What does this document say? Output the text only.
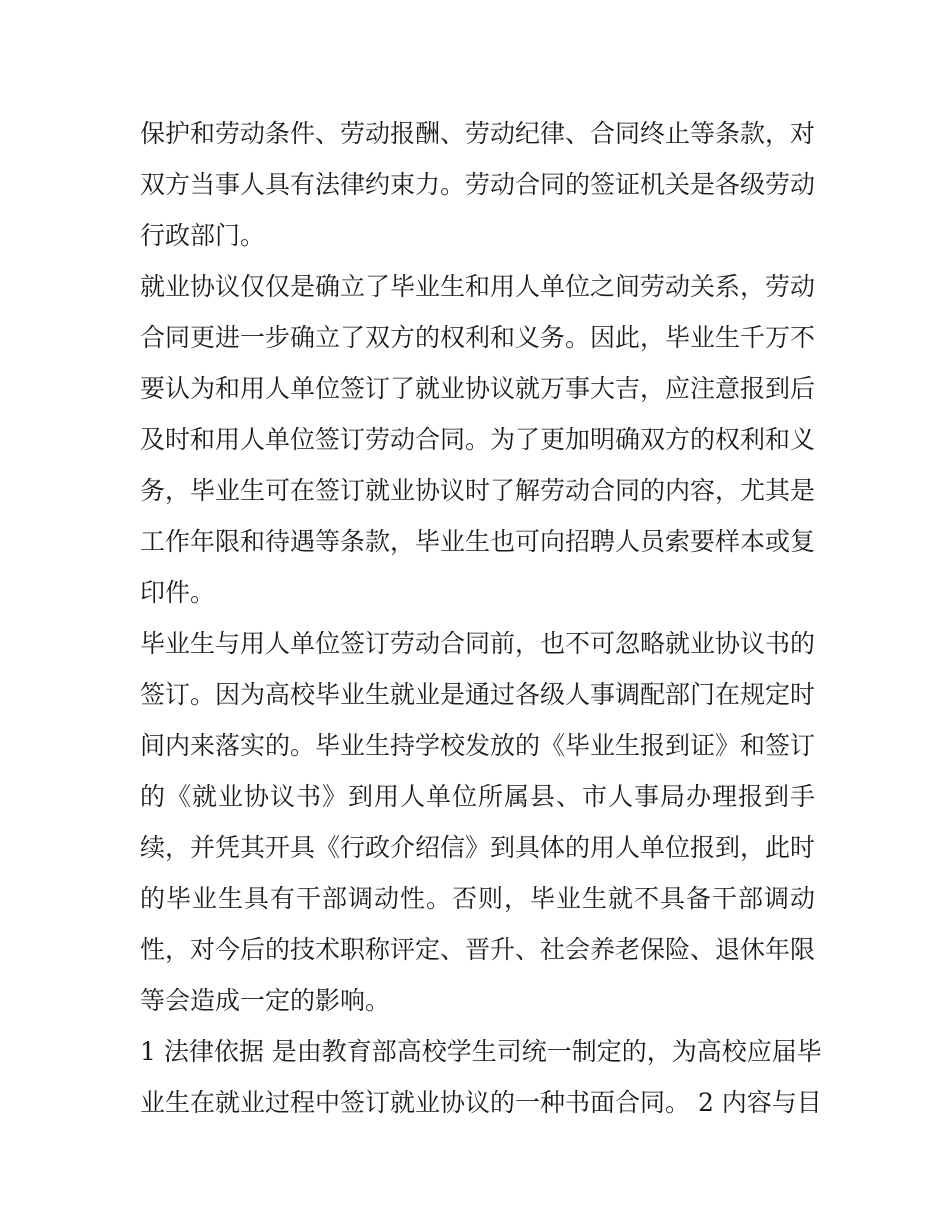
保护和劳动条件、劳动报酬、劳动纪律、合同终止等条款，对
双方当事人具有法律约束力。劳动合同的签证机关是各级劳动
行政部门。
就业协议仅仅是确立了毕业生和用人单位之间劳动关系，劳动
合同更进一步确立了双方的权利和义务。因此，毕业生千万不
要认为和用人单位签订了就业协议就万事大吉，应注意报到后
及时和用人单位签订劳动合同。为了更加明确双方的权利和义
务，毕业生可在签订就业协议时了解劳动合同的内容，尤其是
工作年限和待遇等条款，毕业生也可向招聘人员索要样本或复
印件。
毕业生与用人单位签订劳动合同前，也不可忽略就业协议书的
签订。因为高校毕业生就业是通过各级人事调配部门在规定时
间内来落实的。毕业生持学校发放的《毕业生报到证》和签订
的《就业协议书》到用人单位所属县、市人事局办理报到手
续，并凭其开具《行政介绍信》到具体的用人单位报到，此时
的毕业生具有干部调动性。否则，毕业生就不具备干部调动
性，对今后的技术职称评定、晋升、社会养老保险、退休年限
等会造成一定的影响。
1 法律依据 是由教育部高校学生司统一制定的，为高校应届毕
业生在就业过程中签订就业协议的一种书面合同。 2 内容与目
